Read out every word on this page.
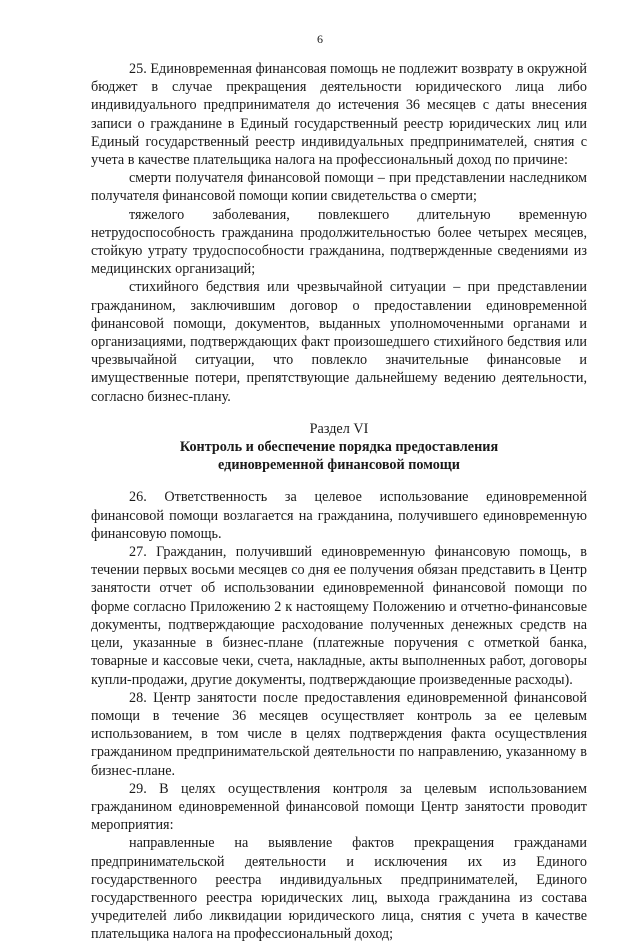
6

25. Единовременная финансовая помощь не подлежит возврату в окружной бюджет в случае прекращения деятельности юридического лица либо индивидуального предпринимателя до истечения 36 месяцев с даты внесения записи о гражданине в Единый государственный реестр юридических лиц или Единый государственный реестр индивидуальных предпринимателей, снятия с учета в качестве плательщика налога на профессиональный доход по причине:

смерти получателя финансовой помощи – при представлении наследником получателя финансовой помощи копии свидетельства о смерти;

тяжелого заболевания, повлекшего длительную временную нетрудоспособность гражданина продолжительностью более четырех месяцев, стойкую утрату трудоспособности гражданина, подтвержденные сведениями из медицинских организаций;

стихийного бедствия или чрезвычайной ситуации – при представлении гражданином, заключившим договор о предоставлении единовременной финансовой помощи, документов, выданных уполномоченными органами и организациями, подтверждающих факт произошедшего стихийного бедствия или чрезвычайной ситуации, что повлекло значительные финансовые и имущественные потери, препятствующие дальнейшему ведению деятельности, согласно бизнес-плану.

Раздел VI

Контроль и обеспечение порядка предоставления

единовременной финансовой помощи

26. Ответственность за целевое использование единовременной финансовой помощи возлагается на гражданина, получившего единовременную финансовую помощь.

27. Гражданин, получивший единовременную финансовую помощь, в течении первых восьми месяцев со дня ее получения обязан представить в Центр занятости отчет об использовании единовременной финансовой помощи по форме согласно Приложению 2 к настоящему Положению и отчетно-финансовые документы, подтверждающие расходование полученных денежных средств на цели, указанные в бизнес-плане (платежные поручения с отметкой банка, товарные и кассовые чеки, счета, накладные, акты выполненных работ, договоры купли-продажи, другие документы, подтверждающие произведенные расходы).

28. Центр занятости после предоставления единовременной финансовой помощи в течение 36 месяцев осуществляет контроль за ее целевым использованием, в том числе в целях подтверждения факта осуществления гражданином предпринимательской деятельности по направлению, указанному в бизнес-плане.

29. В целях осуществления контроля за целевым использованием гражданином единовременной финансовой помощи Центр занятости проводит мероприятия:

направленные на выявление фактов прекращения гражданами предпринимательской деятельности и исключения их из Единого государственного реестра индивидуальных предпринимателей, Единого государственного реестра юридических лиц, выхода гражданина из состава учредителей либо ликвидации юридического лица, снятия с учета в качестве плательщика налога на профессиональный доход;
